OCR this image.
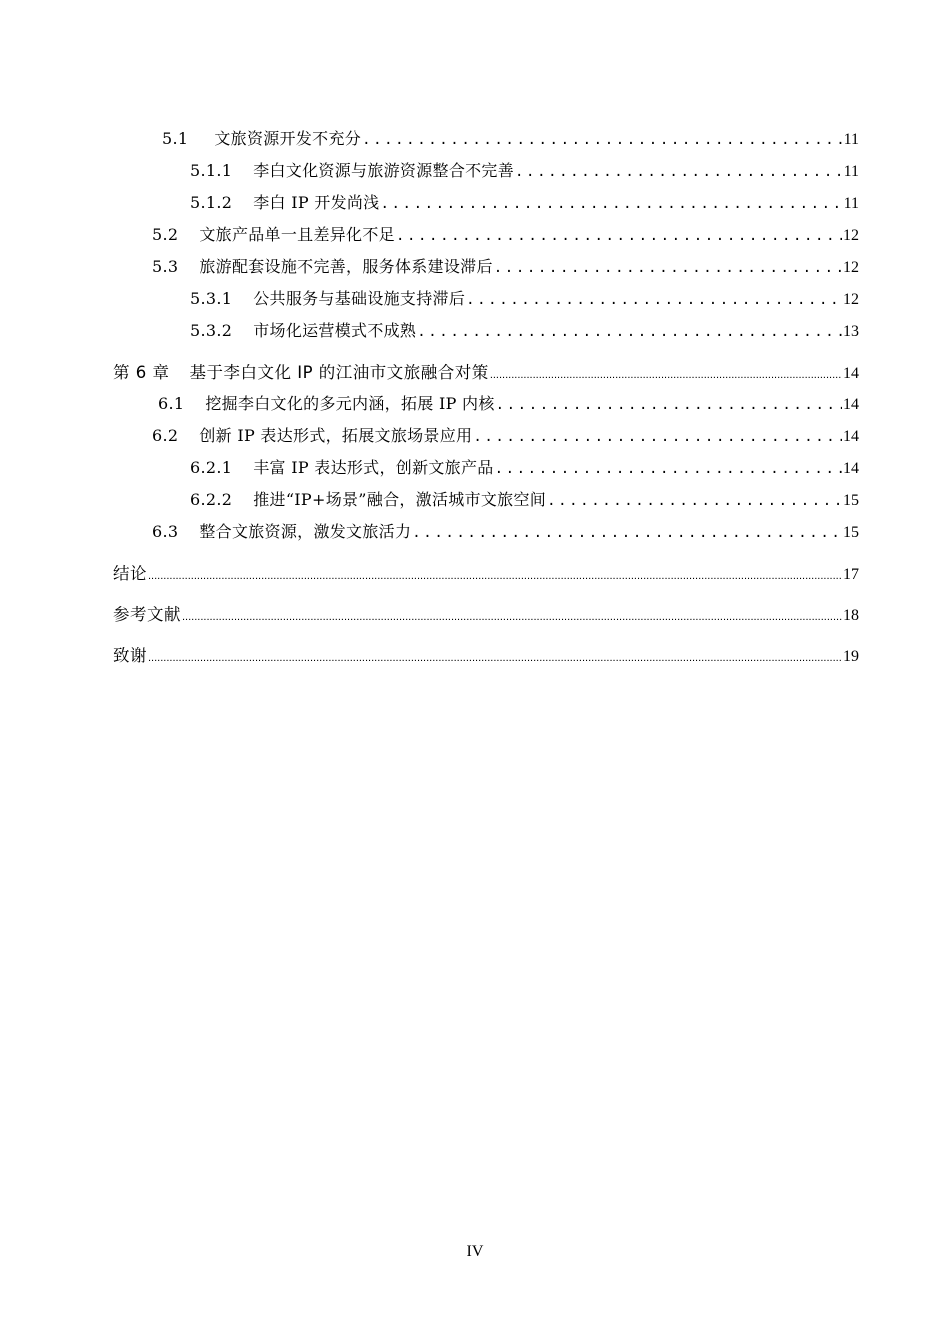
5.1 文旅资源开发不充分 .....	11
5.1.1 李白文化资源与旅游资源整合不完善 .....	11
5.1.2 李白 IP 开发尚浅 .....	11
5.2 文旅产品单一且差异化不足 .....	12
5.3 旅游配套设施不完善，服务体系建设滞后 .....	12
5.3.1 公共服务与基础设施支持滞后 .....	12
5.3.2 市场化运营模式不成熟 .....	13
第 6 章 基于李白文化 IP 的江油市文旅融合对策 .....	14
6.1 挖掘李白文化的多元内涵，拓展 IP 内核 .....	14
6.2 创新 IP 表达形式，拓展文旅场景应用 .....	14
6.2.1 丰富 IP 表达形式，创新文旅产品 .....	14
6.2.2 推进“IP+场景”融合，激活城市文旅空间 .....	15
6.3 整合文旅资源，激发文旅活力 .....	15
结论 .....	17
参考文献 .....	18
致谢 .....	19
IV
